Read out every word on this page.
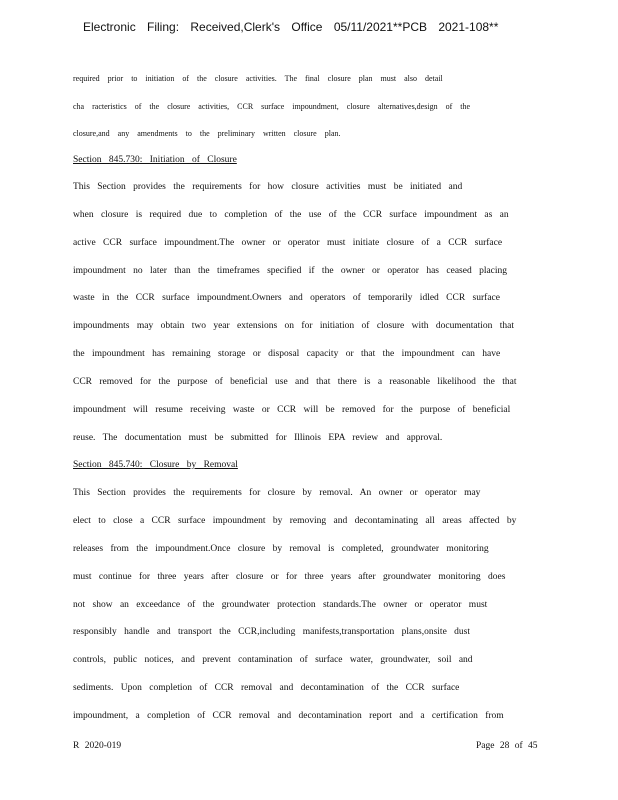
Electronic Filing: Received,Clerk's Office 05/11/2021**PCB 2021-108**
required prior to initiation of the closure activities. The final closure plan must also detail
cha racteristics of the closure activities, CCR surface impoundment, closure alternatives,design of the
closure,and any amendments to the preliminary written closure plan.
Section 845.730: Initiation of Closure
This Section provides the requirements for how closure activities must be initiated and
when closure is required due to completion of the use of the CCR surface impoundment as an
active CCR surface impoundment.The owner or operator must initiate closure of a CCR surface
impoundment no later than the timeframes specified if the owner or operator has ceased placing
waste in the CCR surface impoundment.Owners and operators of temporarily idled CCR surface
impoundments may obtain two year extensions on for initiation of closure with documentation that
the impoundment has remaining storage or disposal capacity or that the impoundment can have
CCR removed for the purpose of beneficial use and that there is a reasonable likelihood the that
impoundment will resume receiving waste or CCR will be removed for the purpose of beneficial
reuse. The documentation must be submitted for Illinois EPA review and approval.
Section 845.740: Closure by Removal
This Section provides the requirements for closure by removal. An owner or operator may
elect to close a CCR surface impoundment by removing and decontaminating all areas affected by
releases from the impoundment.Once closure by removal is completed, groundwater monitoring
must continue for three years after closure or for three years after groundwater monitoring does
not show an exceedance of the groundwater protection standards.The owner or operator must
responsibly handle and transport the CCR,including manifests,transportation plans,onsite dust
controls, public notices, and prevent contamination of surface water, groundwater, soil and
sediments. Upon completion of CCR removal and decontamination of the CCR surface
impoundment, a completion of CCR removal and decontamination report and a certification from
R 2020-019	Page 28 of 45
